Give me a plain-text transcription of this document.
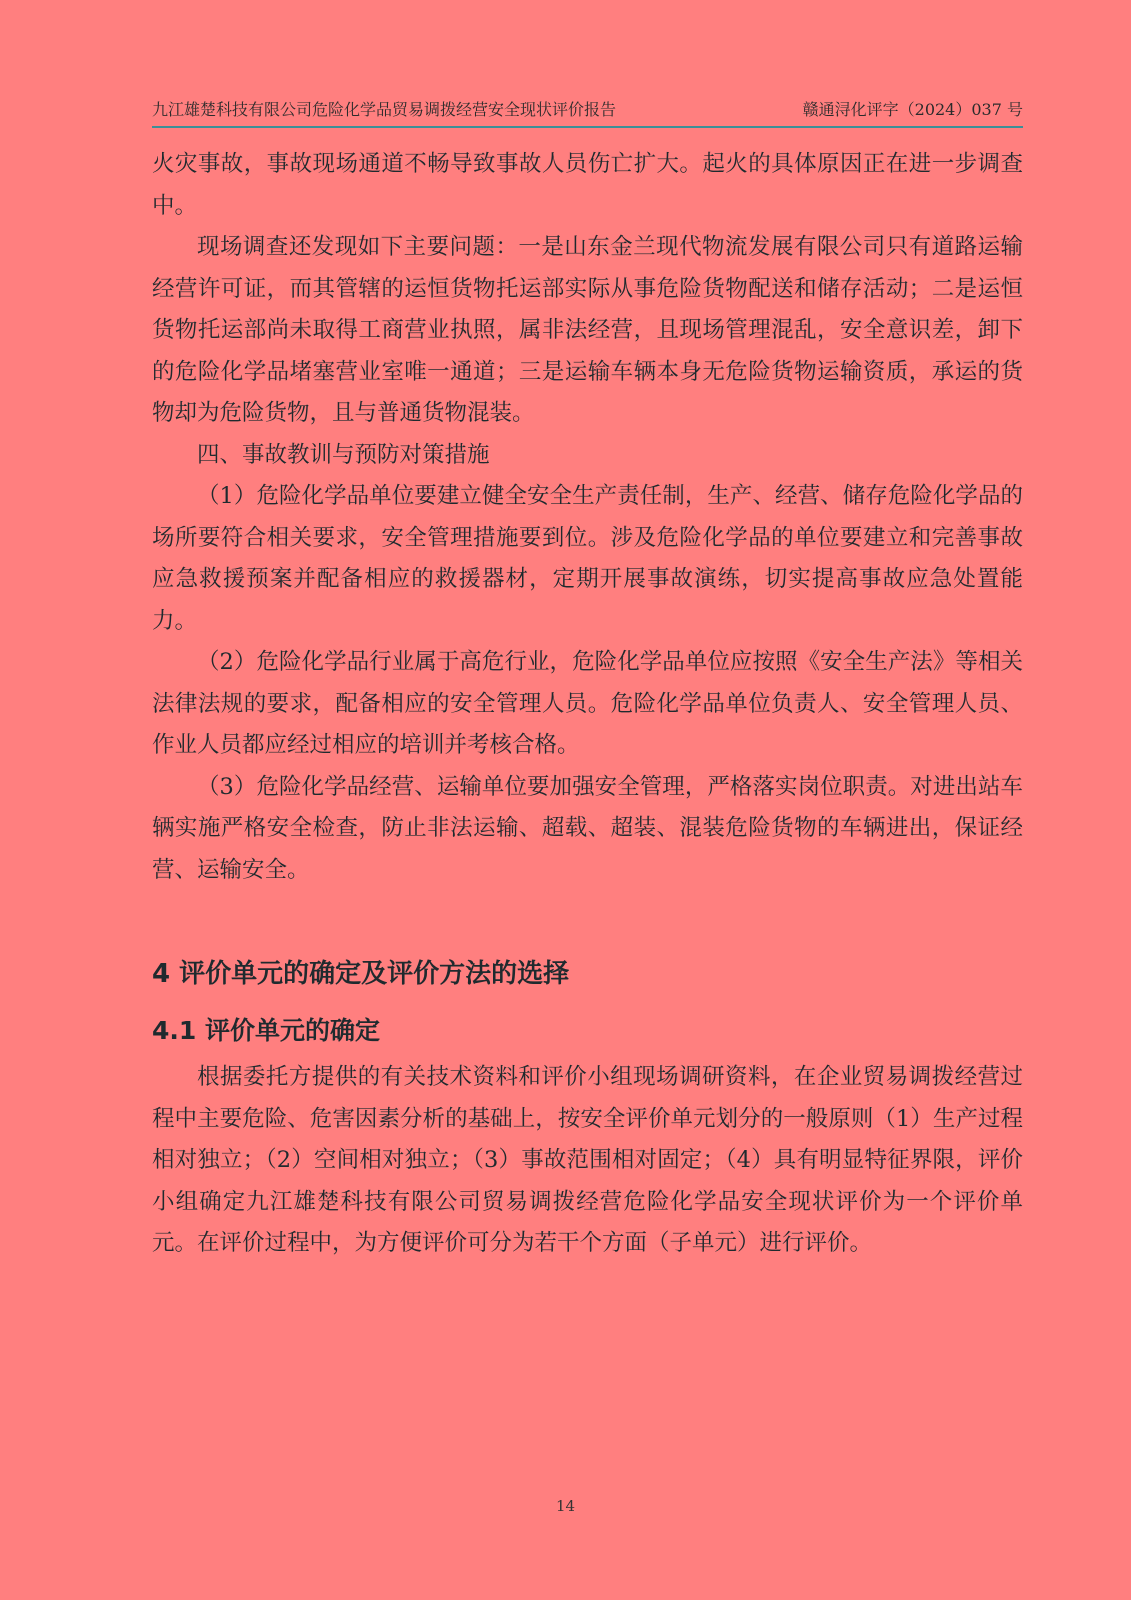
九江雄楚科技有限公司危险化学品贸易调拨经营安全现状评价报告	赣通浔化评字（2024）037 号

火灾事故，事故现场通道不畅导致事故人员伤亡扩大。起火的具体原因正在进一步调查中。

现场调查还发现如下主要问题：一是山东金兰现代物流发展有限公司只有道路运输经营许可证，而其管辖的运恒货物托运部实际从事危险货物配送和储存活动；二是运恒货物托运部尚未取得工商营业执照，属非法经营，且现场管理混乱，安全意识差，卸下的危险化学品堵塞营业室唯一通道；三是运输车辆本身无危险货物运输资质，承运的货物却为危险货物，且与普通货物混装。

四、事故教训与预防对策措施

（1）危险化学品单位要建立健全安全生产责任制，生产、经营、储存危险化学品的场所要符合相关要求，安全管理措施要到位。涉及危险化学品的单位要建立和完善事故应急救援预案并配备相应的救援器材，定期开展事故演练，切实提高事故应急处置能力。

（2）危险化学品行业属于高危行业，危险化学品单位应按照《安全生产法》等相关法律法规的要求，配备相应的安全管理人员。危险化学品单位负责人、安全管理人员、作业人员都应经过相应的培训并考核合格。

（3）危险化学品经营、运输单位要加强安全管理，严格落实岗位职责。对进出站车辆实施严格安全检查，防止非法运输、超载、超装、混装危险货物的车辆进出，保证经营、运输安全。

4 评价单元的确定及评价方法的选择
4.1 评价单元的确定

根据委托方提供的有关技术资料和评价小组现场调研资料，在企业贸易调拨经营过程中主要危险、危害因素分析的基础上，按安全评价单元划分的一般原则（1）生产过程相对独立；（2）空间相对独立；（3）事故范围相对固定；（4）具有明显特征界限，评价小组确定九江雄楚科技有限公司贸易调拨经营危险化学品安全现状评价为一个评价单元。在评价过程中，为方便评价可分为若干个方面（子单元）进行评价。

14
